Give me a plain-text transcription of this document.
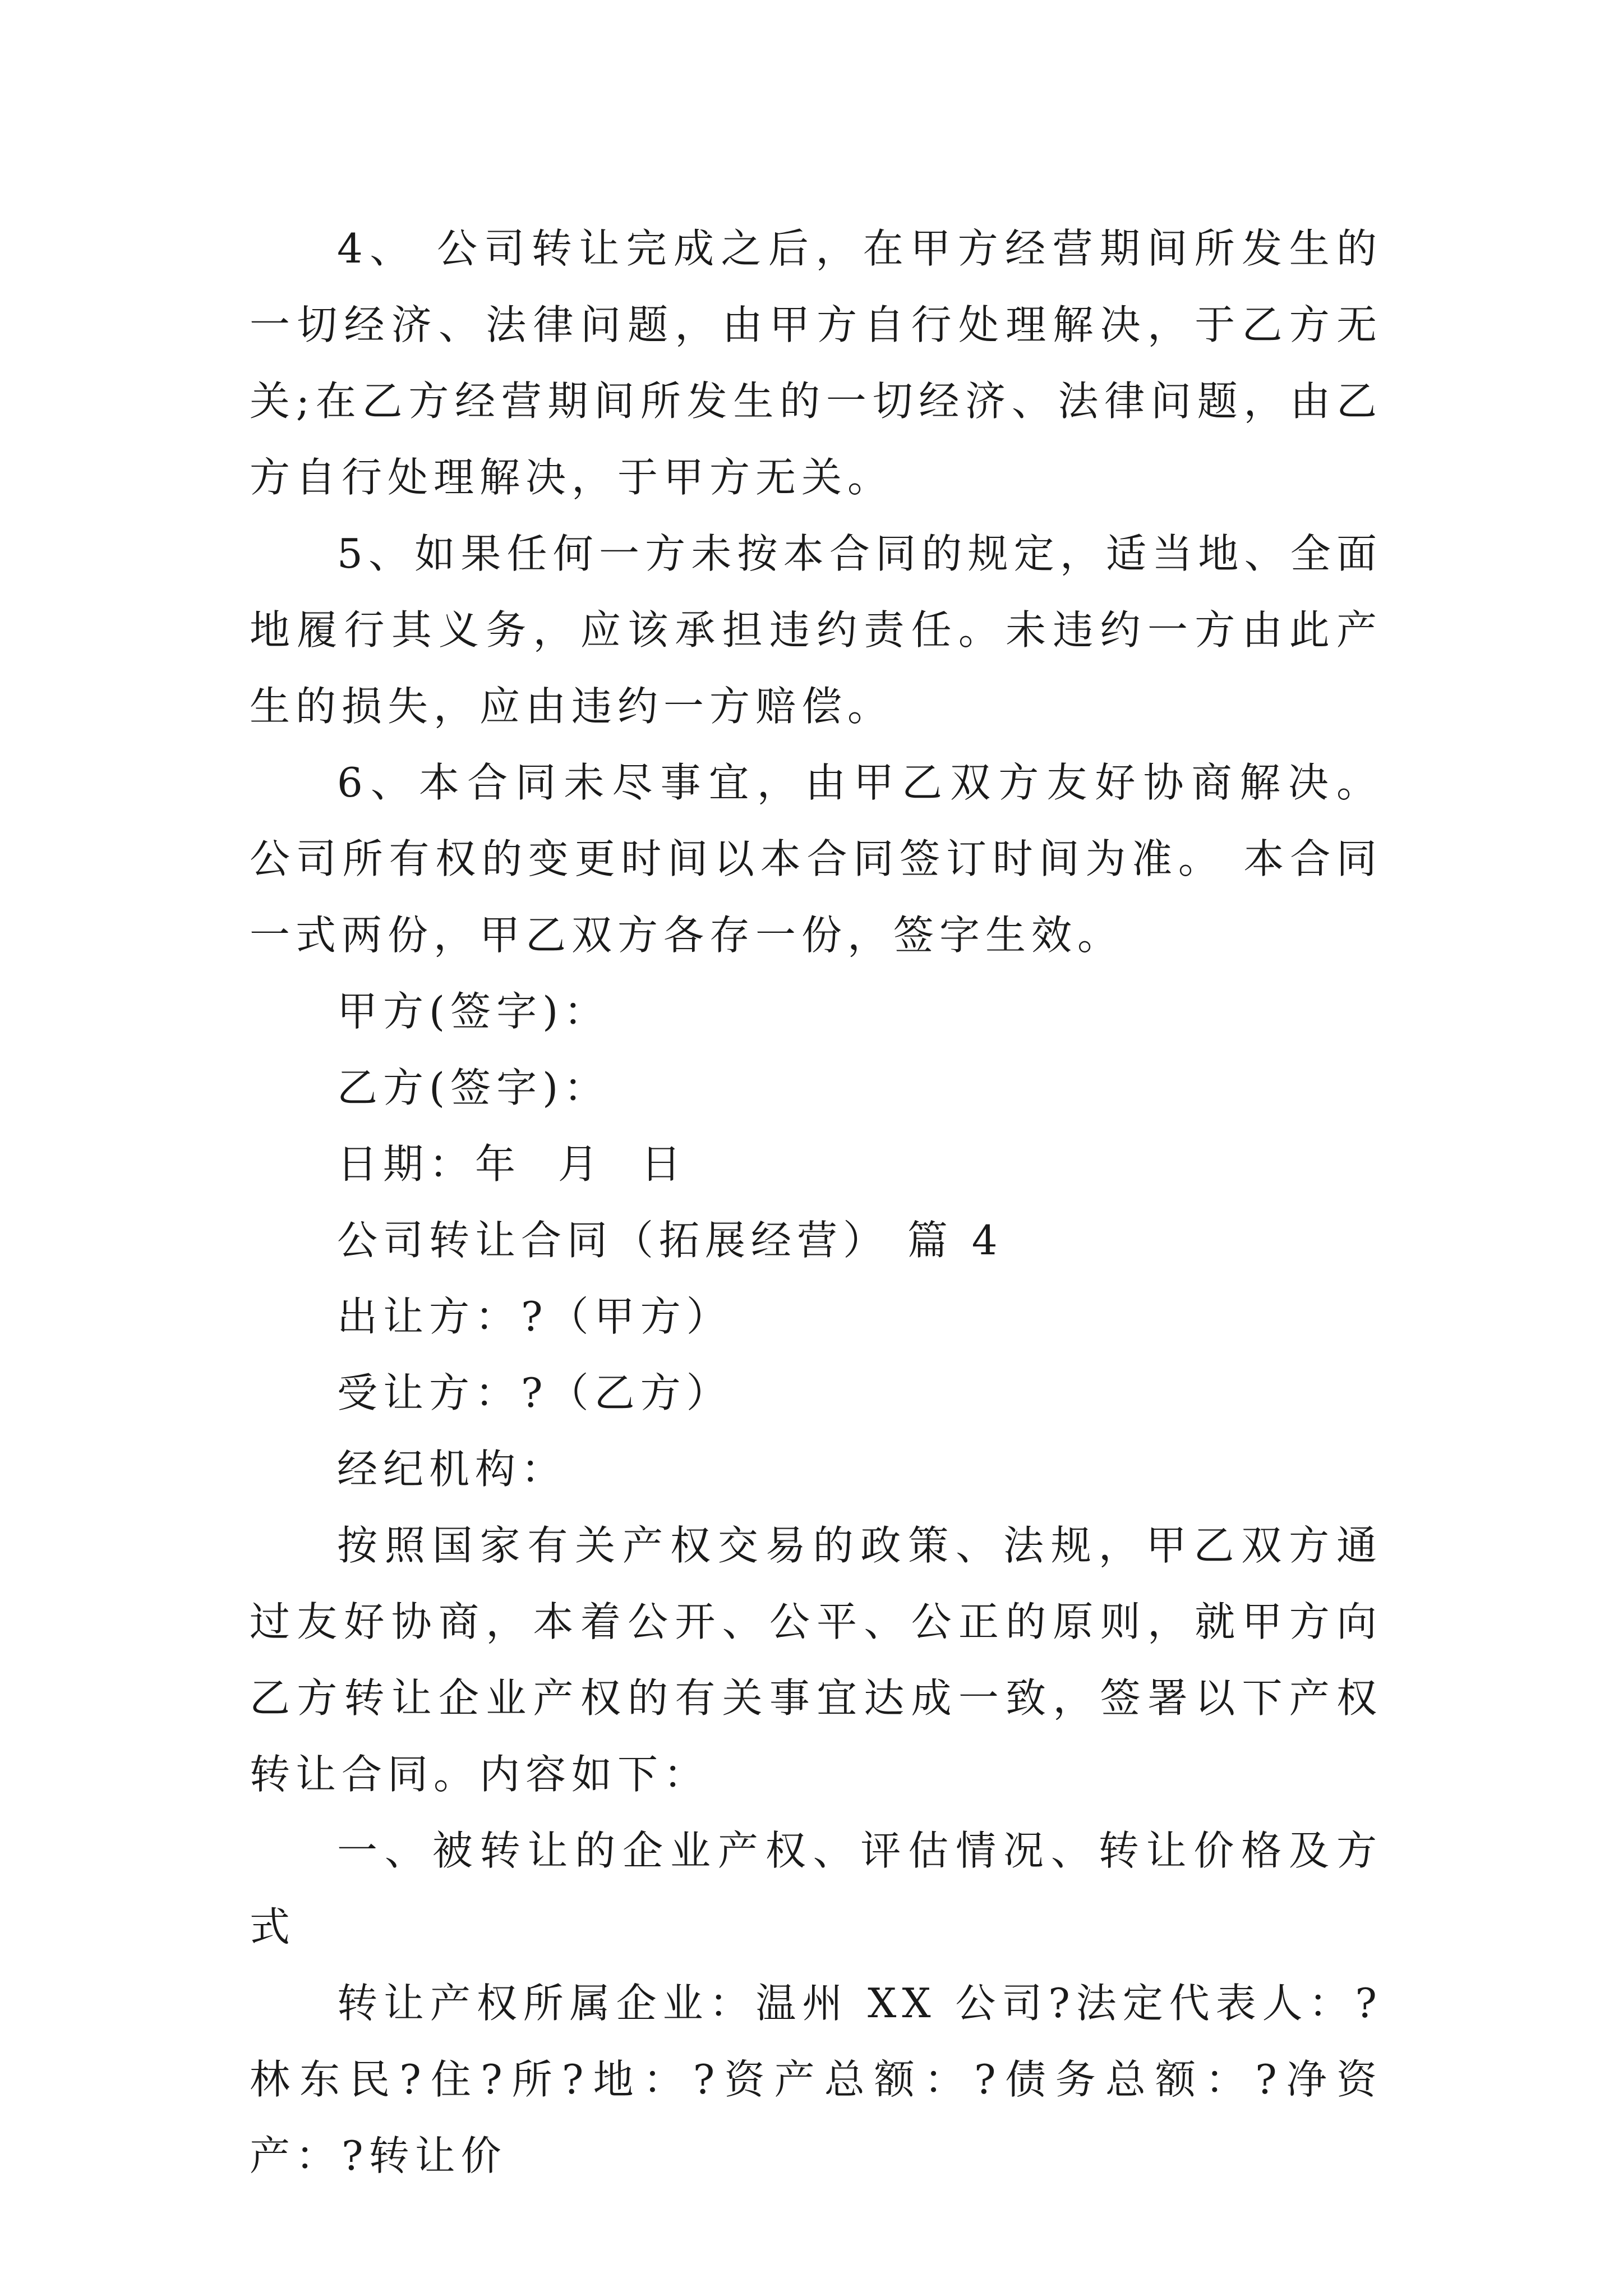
4、 公司转让完成之后，在甲方经营期间所发生的一切经济、法律问题，由甲方自行处理解决，于乙方无关;在乙方经营期间所发生的一切经济、法律问题，由乙方自行处理解决，于甲方无关。

5、如果任何一方未按本合同的规定，适当地、全面地履行其义务，应该承担违约责任。未违约一方由此产生的损失，应由违约一方赔偿。

6、本合同未尽事宜，由甲乙双方友好协商解决。 公司所有权的变更时间以本合同签订时间为准。 本合同一式两份，甲乙双方各存一份，签字生效。

甲方(签字)：

乙方(签字)：

日期：年  月  日

公司转让合同（拓展经营） 篇 4

出让方：?（甲方）

受让方：?（乙方）

经纪机构：

按照国家有关产权交易的政策、法规，甲乙双方通过友好协商，本着公开、公平、公正的原则，就甲方向乙方转让企业产权的有关事宜达成一致，签署以下产权转让合同。内容如下：

一、被转让的企业产权、评估情况、转让价格及方式

转让产权所属企业：温州 XX 公司?法定代表人：?林东民?住?所?地：?资产总额：?债务总额：?净资产：?转让价
